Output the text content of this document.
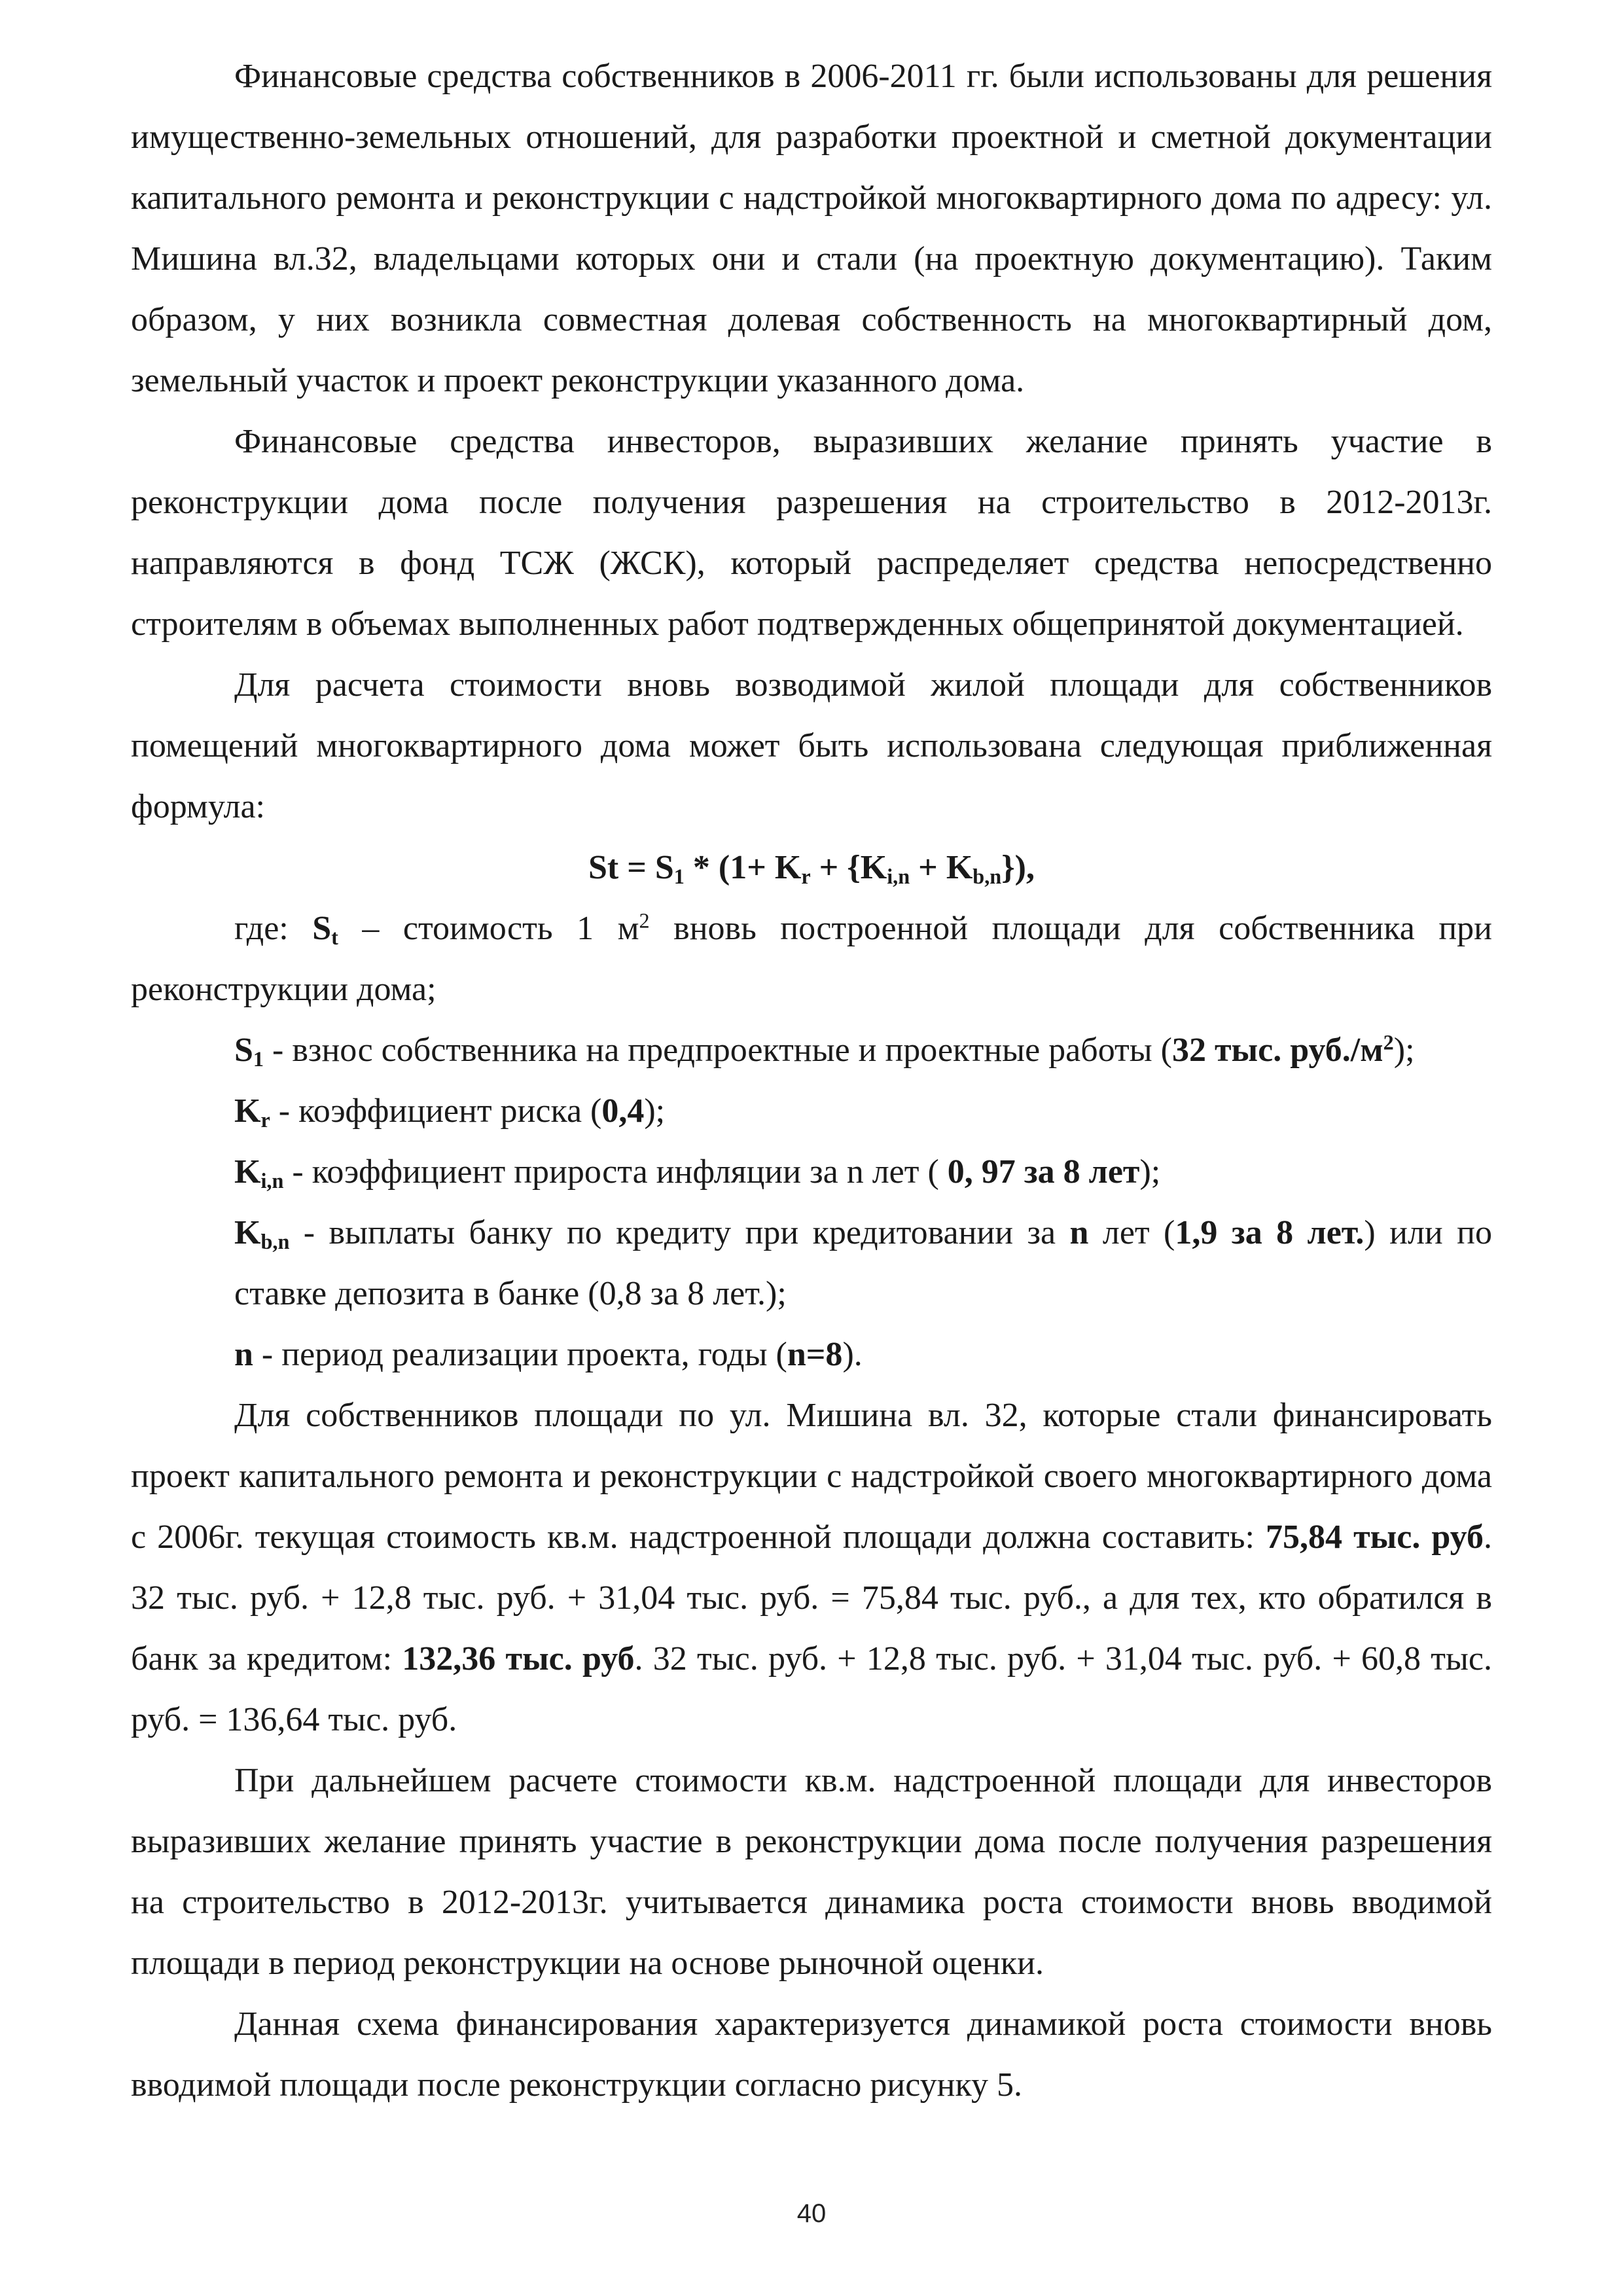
Финансовые средства собственников в 2006-2011 гг. были использованы для решения имущественно-земельных отношений, для разработки проектной и сметной документации капитального ремонта и реконструкции с надстройкой многоквартирного дома по адресу: ул. Мишина вл.32, владельцами которых они и стали (на проектную документацию). Таким образом, у них возникла совместная долевая собственность на многоквартирный дом, земельный участок и проект реконструкции указанного дома.

Финансовые средства инвесторов, выразивших желание принять участие в реконструкции дома после получения разрешения на строительство в 2012-2013г. направляются в фонд ТСЖ (ЖСК), который распределяет средства непосредственно строителям в объемах выполненных работ подтвержденных общепринятой документацией.

Для расчета стоимости вновь возводимой жилой площади для собственников помещений многоквартирного дома может быть использована следующая приближенная формула:

$St = S_1 * (1+ K_r + \{K_{i,n} + K_{b,n}\})$,

где: $S_t$ – стоимость 1 $м^2$ вновь построенной площади для собственника при реконструкции дома;

$S_1$ - взнос собственника на предпроектные и проектные работы (32 тыс. $руб./м^2$);

$K_r$ - коэффициент риска (0,4);

$K_{i,n}$ - коэффициент прироста инфляции за n лет ( 0, 97 за 8 лет);

$K_{b,n}$ - выплаты банку по кредиту при кредитовании за n лет (1,9 за 8 лет.) или по ставке депозита в банке (0,8 за 8 лет.);

n - период реализации проекта, годы (n=8).

Для собственников площади по ул. Мишина вл. 32, которые стали финансировать проект капитального ремонта и реконструкции с надстройкой своего многоквартирного дома с 2006г. текущая стоимость кв.м. надстроенной площади должна составить: 75,84 тыс. руб. 32 тыс. руб. + 12,8 тыс. руб. + 31,04 тыс. руб. = 75,84 тыс. руб., а для тех, кто обратился в банк за кредитом: 132,36 тыс. руб. 32 тыс. руб. + 12,8 тыс. руб. + 31,04 тыс. руб. + 60,8 тыс. руб. = 136,64 тыс. руб.

При дальнейшем расчете стоимости кв.м. надстроенной площади для инвесторов выразивших желание принять участие в реконструкции дома после получения разрешения на строительство в 2012-2013г. учитывается динамика роста стоимости вновь вводимой площади в период реконструкции на основе рыночной оценки.

Данная схема финансирования характеризуется динамикой роста стоимости вновь вводимой площади после реконструкции согласно рисунку 5.

40
